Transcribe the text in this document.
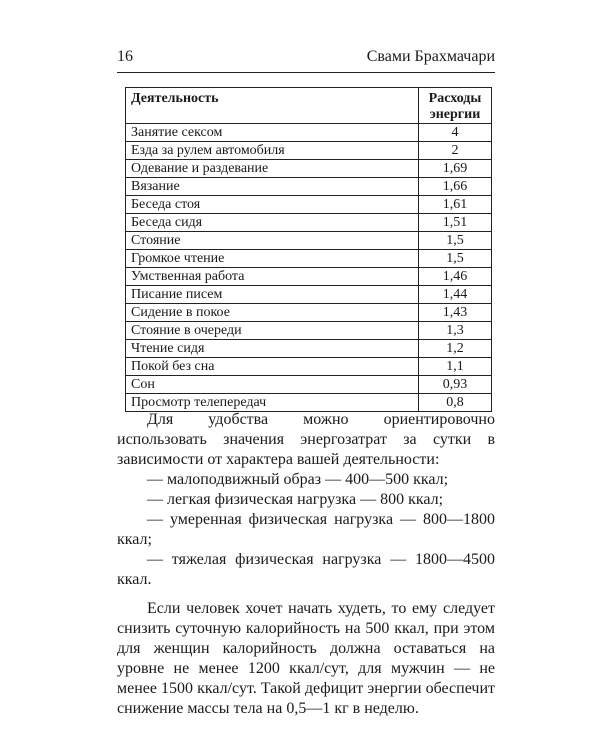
16	Свами Брахмачари
Деятельность	Расходы энергии
Занятие сексом	4
Езда за рулем автомобиля	2
Одевание и раздевание	1,69
Вязание	1,66
Беседа стоя	1,61
Беседа сидя	1,51
Стояние	1,5
Громкое чтение	1,5
Умственная работа	1,46
Писание писем	1,44
Сидение в покое	1,43
Стояние в очереди	1,3
Чтение сидя	1,2
Покой без сна	1,1
Сон	0,93
Просмотр телепередач	0,8

Для удобства можно ориентировочно использовать значения энергозатрат за сутки в зависимости от характера вашей деятельности:

— малоподвижный образ — 400—500 ккал;

— легкая физическая нагрузка — 800 ккал;

— умеренная физическая нагрузка — 800—1800 ккал;

— тяжелая физическая нагрузка — 1800—4500 ккал.

Если человек хочет начать худеть, то ему следует снизить суточную калорийность на 500 ккал, при этом для женщин калорийность должна оставаться на уровне не менее 1200 ккал/сут, для мужчин — не менее 1500 ккал/сут. Такой дефицит энергии обеспечит снижение массы тела на 0,5—1 кг в неделю.
